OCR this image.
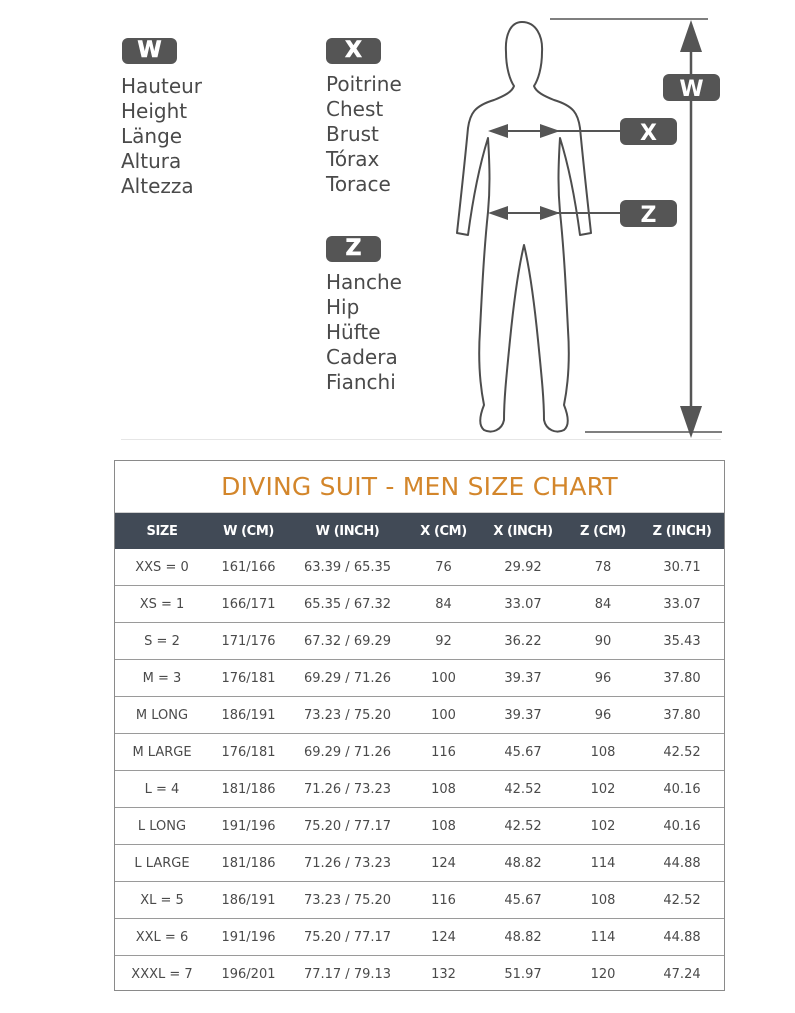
W
Hauteur
Height
Länge
Altura
Altezza
X
Poitrine
Chest
Brust
Tórax
Torace
Z
Hanche
Hip
Hüfte
Cadera
Fianchi
W
X
Z
DIVING SUIT - MEN SIZE CHART
SIZE	W (CM)	W (INCH)	X (CM)	X (INCH)	Z (CM)	Z (INCH)
XXS = 0	161/166	63.39 / 65.35	76	29.92	78	30.71
XS = 1	166/171	65.35 / 67.32	84	33.07	84	33.07
S = 2	171/176	67.32 / 69.29	92	36.22	90	35.43
M = 3	176/181	69.29 / 71.26	100	39.37	96	37.80
M LONG	186/191	73.23 / 75.20	100	39.37	96	37.80
M LARGE	176/181	69.29 / 71.26	116	45.67	108	42.52
L = 4	181/186	71.26 / 73.23	108	42.52	102	40.16
L LONG	191/196	75.20 / 77.17	108	42.52	102	40.16
L LARGE	181/186	71.26 / 73.23	124	48.82	114	44.88
XL = 5	186/191	73.23 / 75.20	116	45.67	108	42.52
XXL = 6	191/196	75.20 / 77.17	124	48.82	114	44.88
XXXL = 7	196/201	77.17 / 79.13	132	51.97	120	47.24
